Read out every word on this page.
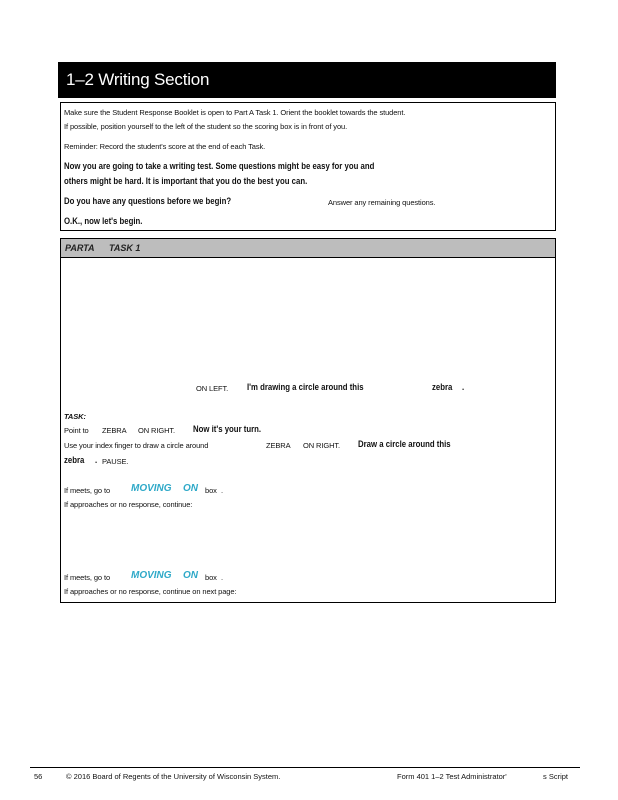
1–2 Writing Section
Make sure the Student Response Booklet is open to Part A Task 1. Orient the booklet towards the student.
If possible, position yourself to the left of the student so the scoring box is in front of you.
Reminder: Record the student's score at the end of each Task.
Now you are going to take a writing test. Some questions might be easy for you and
others might be hard. It is important that you do the best you can.
Do you have any questions before we begin?	Answer any remaining questions.
O.K., now let's begin.
PARTA TASK 1
ON LEFT. I'm drawing a circle around this	zebra .
TASK:
Point to ZEBRA ON RIGHT. Now it's your turn.
Use your index finger to draw a circle around	ZEBRA ON RIGHT. Draw a circle around this
zebra . PAUSE.
If meets, go to MOVING ON box .
If approaches or no response, continue:
If meets, go to MOVING ON box .
If approaches or no response, continue on next page:
56	© 2016 Board of Regents of the University of Wisconsin System.	Form 401 1–2 Test Administrator'	s Script
